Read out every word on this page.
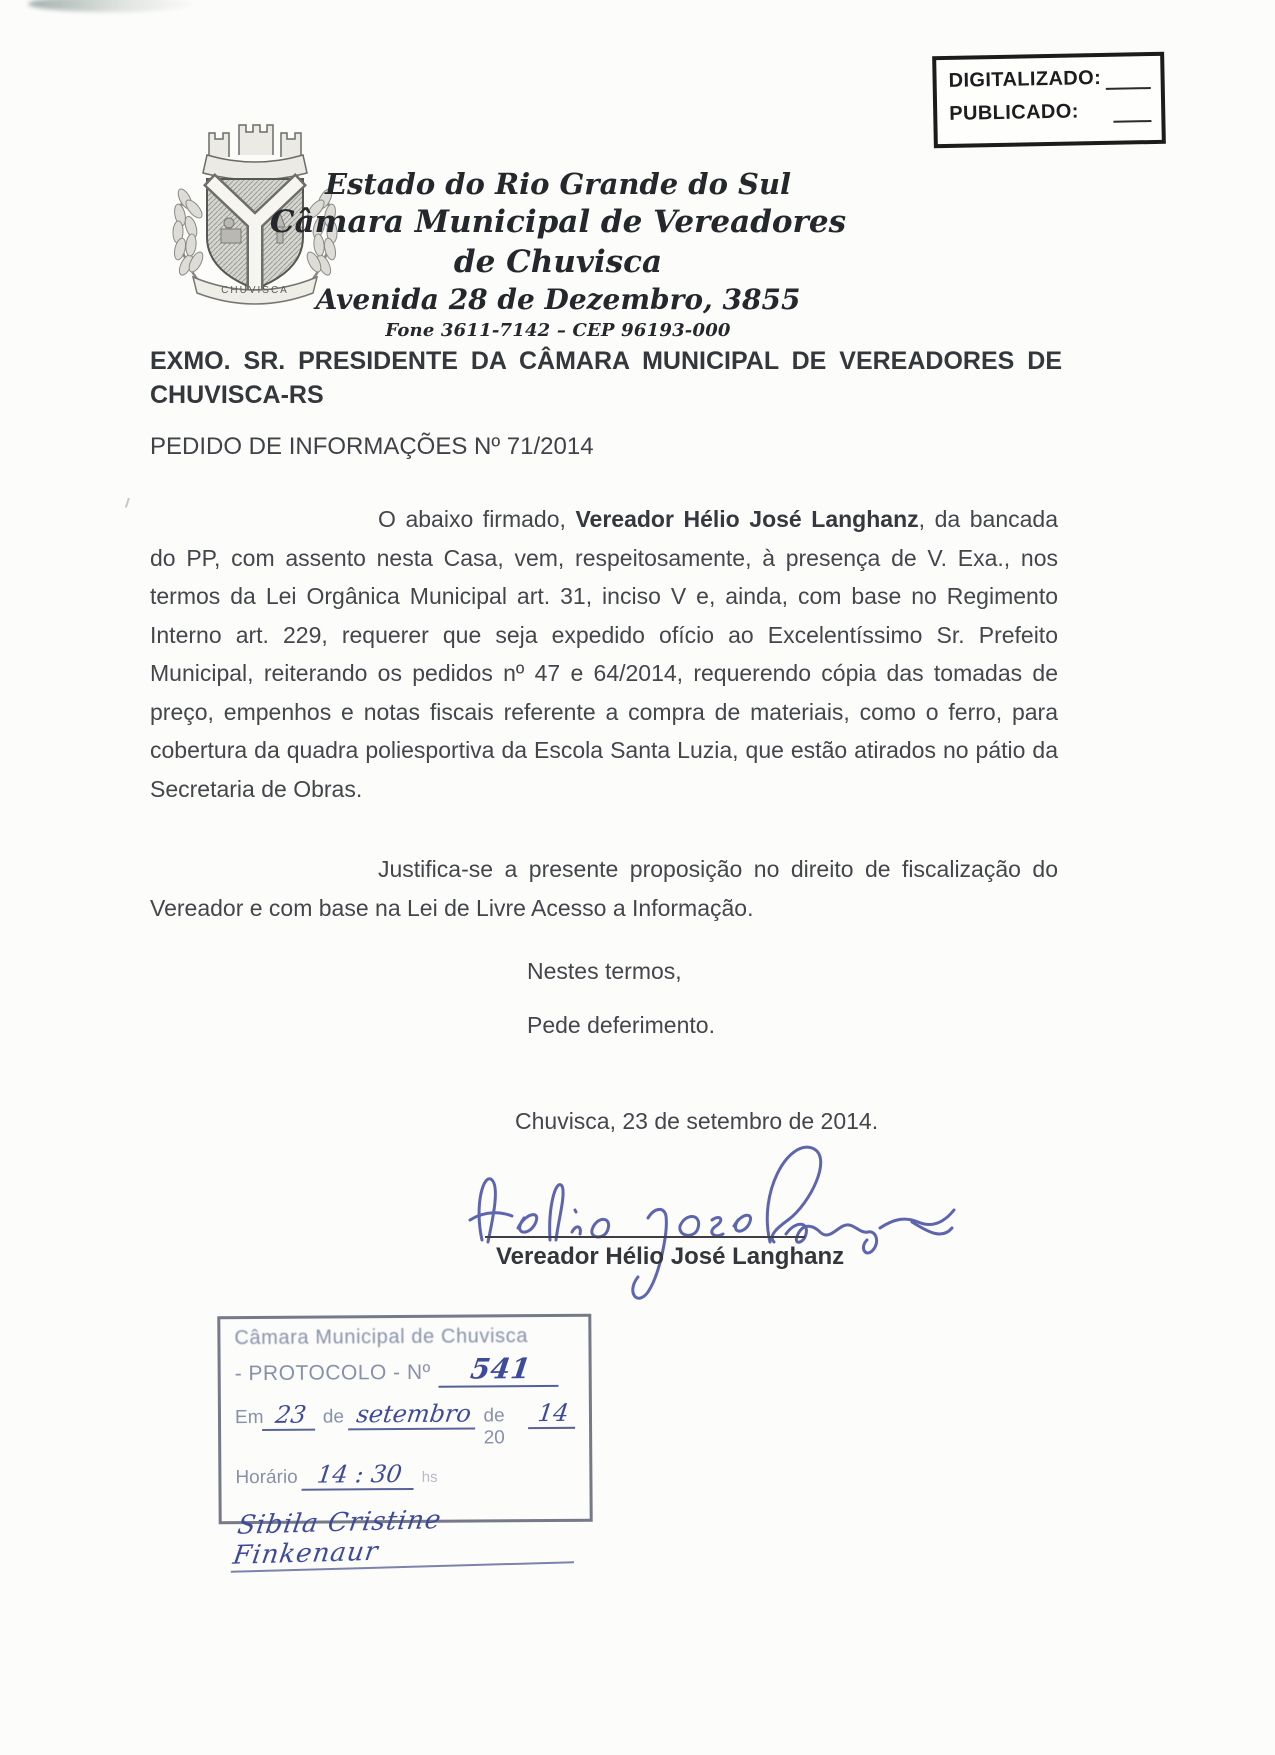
DIGITALIZADO:
PUBLICADO:
CHUVISCA
Estado do Rio Grande do Sul
Câmara Municipal de Vereadores de Chuvisca
Avenida 28 de Dezembro, 3855
Fone 3611-7142 – CEP 96193-000
EXMO. SR. PRESIDENTE DA CÂMARA MUNICIPAL DE VEREADORES DE
CHUVISCA-RS
PEDIDO DE INFORMAÇÕES Nº 71/2014

O abaixo firmado, Vereador Hélio José Langhanz, da bancada do PP, com assento nesta Casa, vem, respeitosamente, à presença de V. Exa., nos termos da Lei Orgânica Municipal art. 31, inciso V e, ainda, com base no Regimento Interno art. 229, requerer que seja expedido ofício ao Excelentíssimo Sr. Prefeito Municipal, reiterando os pedidos nº 47 e 64/2014, requerendo cópia das tomadas de preço, empenhos e notas fiscais referente a compra de materiais, como o ferro, para cobertura da quadra poliesportiva da Escola Santa Luzia, que estão atirados no pátio da Secretaria de Obras.

Justifica-se a presente proposição no direito de fiscalização do Vereador e com base na Lei de Livre Acesso a Informação.

Nestes termos,
Pede deferimento.
Chuvisca, 23 de setembro de 2014.
Vereador Hélio José Langhanz
Câmara Municipal de Chuvisca
- PROTOCOLO - Nº	541
Em 23 de setembro de 20
14
Horário 14 : 30	hs
Sibila Cristine Finkenaur
